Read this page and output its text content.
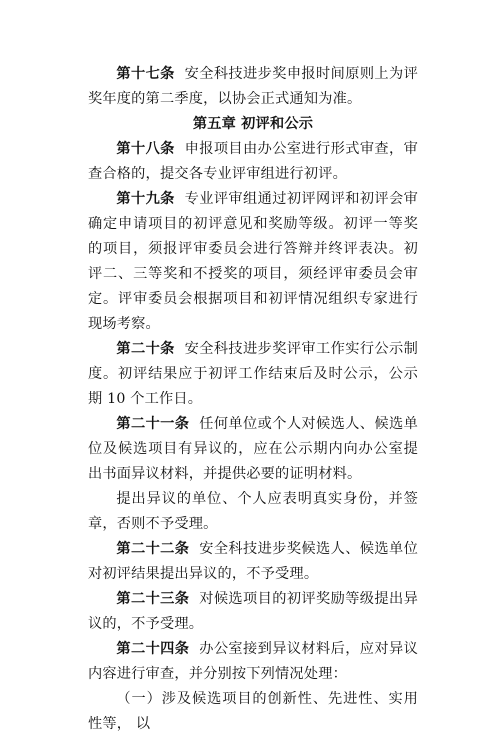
第十七条 安全科技进步奖申报时间原则上为评奖年度的第二季度，以协会正式通知为准。

第五章 初评和公示

第十八条 申报项目由办公室进行形式审查，审查合格的，提交各专业评审组进行初评。

第十九条 专业评审组通过初评网评和初评会审确定申请项目的初评意见和奖励等级。初评一等奖的项目，须报评审委员会进行答辩并终评表决。初评二、三等奖和不授奖的项目，须经评审委员会审定。评审委员会根据项目和初评情况组织专家进行现场考察。

第二十条 安全科技进步奖评审工作实行公示制度。初评结果应于初评工作结束后及时公示，公示期 10 个工作日。

第二十一条 任何单位或个人对候选人、候选单位及候选项目有异议的，应在公示期内向办公室提出书面异议材料，并提供必要的证明材料。

提出异议的单位、个人应表明真实身份，并签章，否则不予受理。

第二十二条 安全科技进步奖候选人、候选单位对初评结果提出异议的，不予受理。

第二十三条 对候选项目的初评奖励等级提出异议的，不予受理。

第二十四条 办公室接到异议材料后，应对异议内容进行审查，并分别按下列情况处理：

（一）涉及候选项目的创新性、先进性、实用性等， 以
